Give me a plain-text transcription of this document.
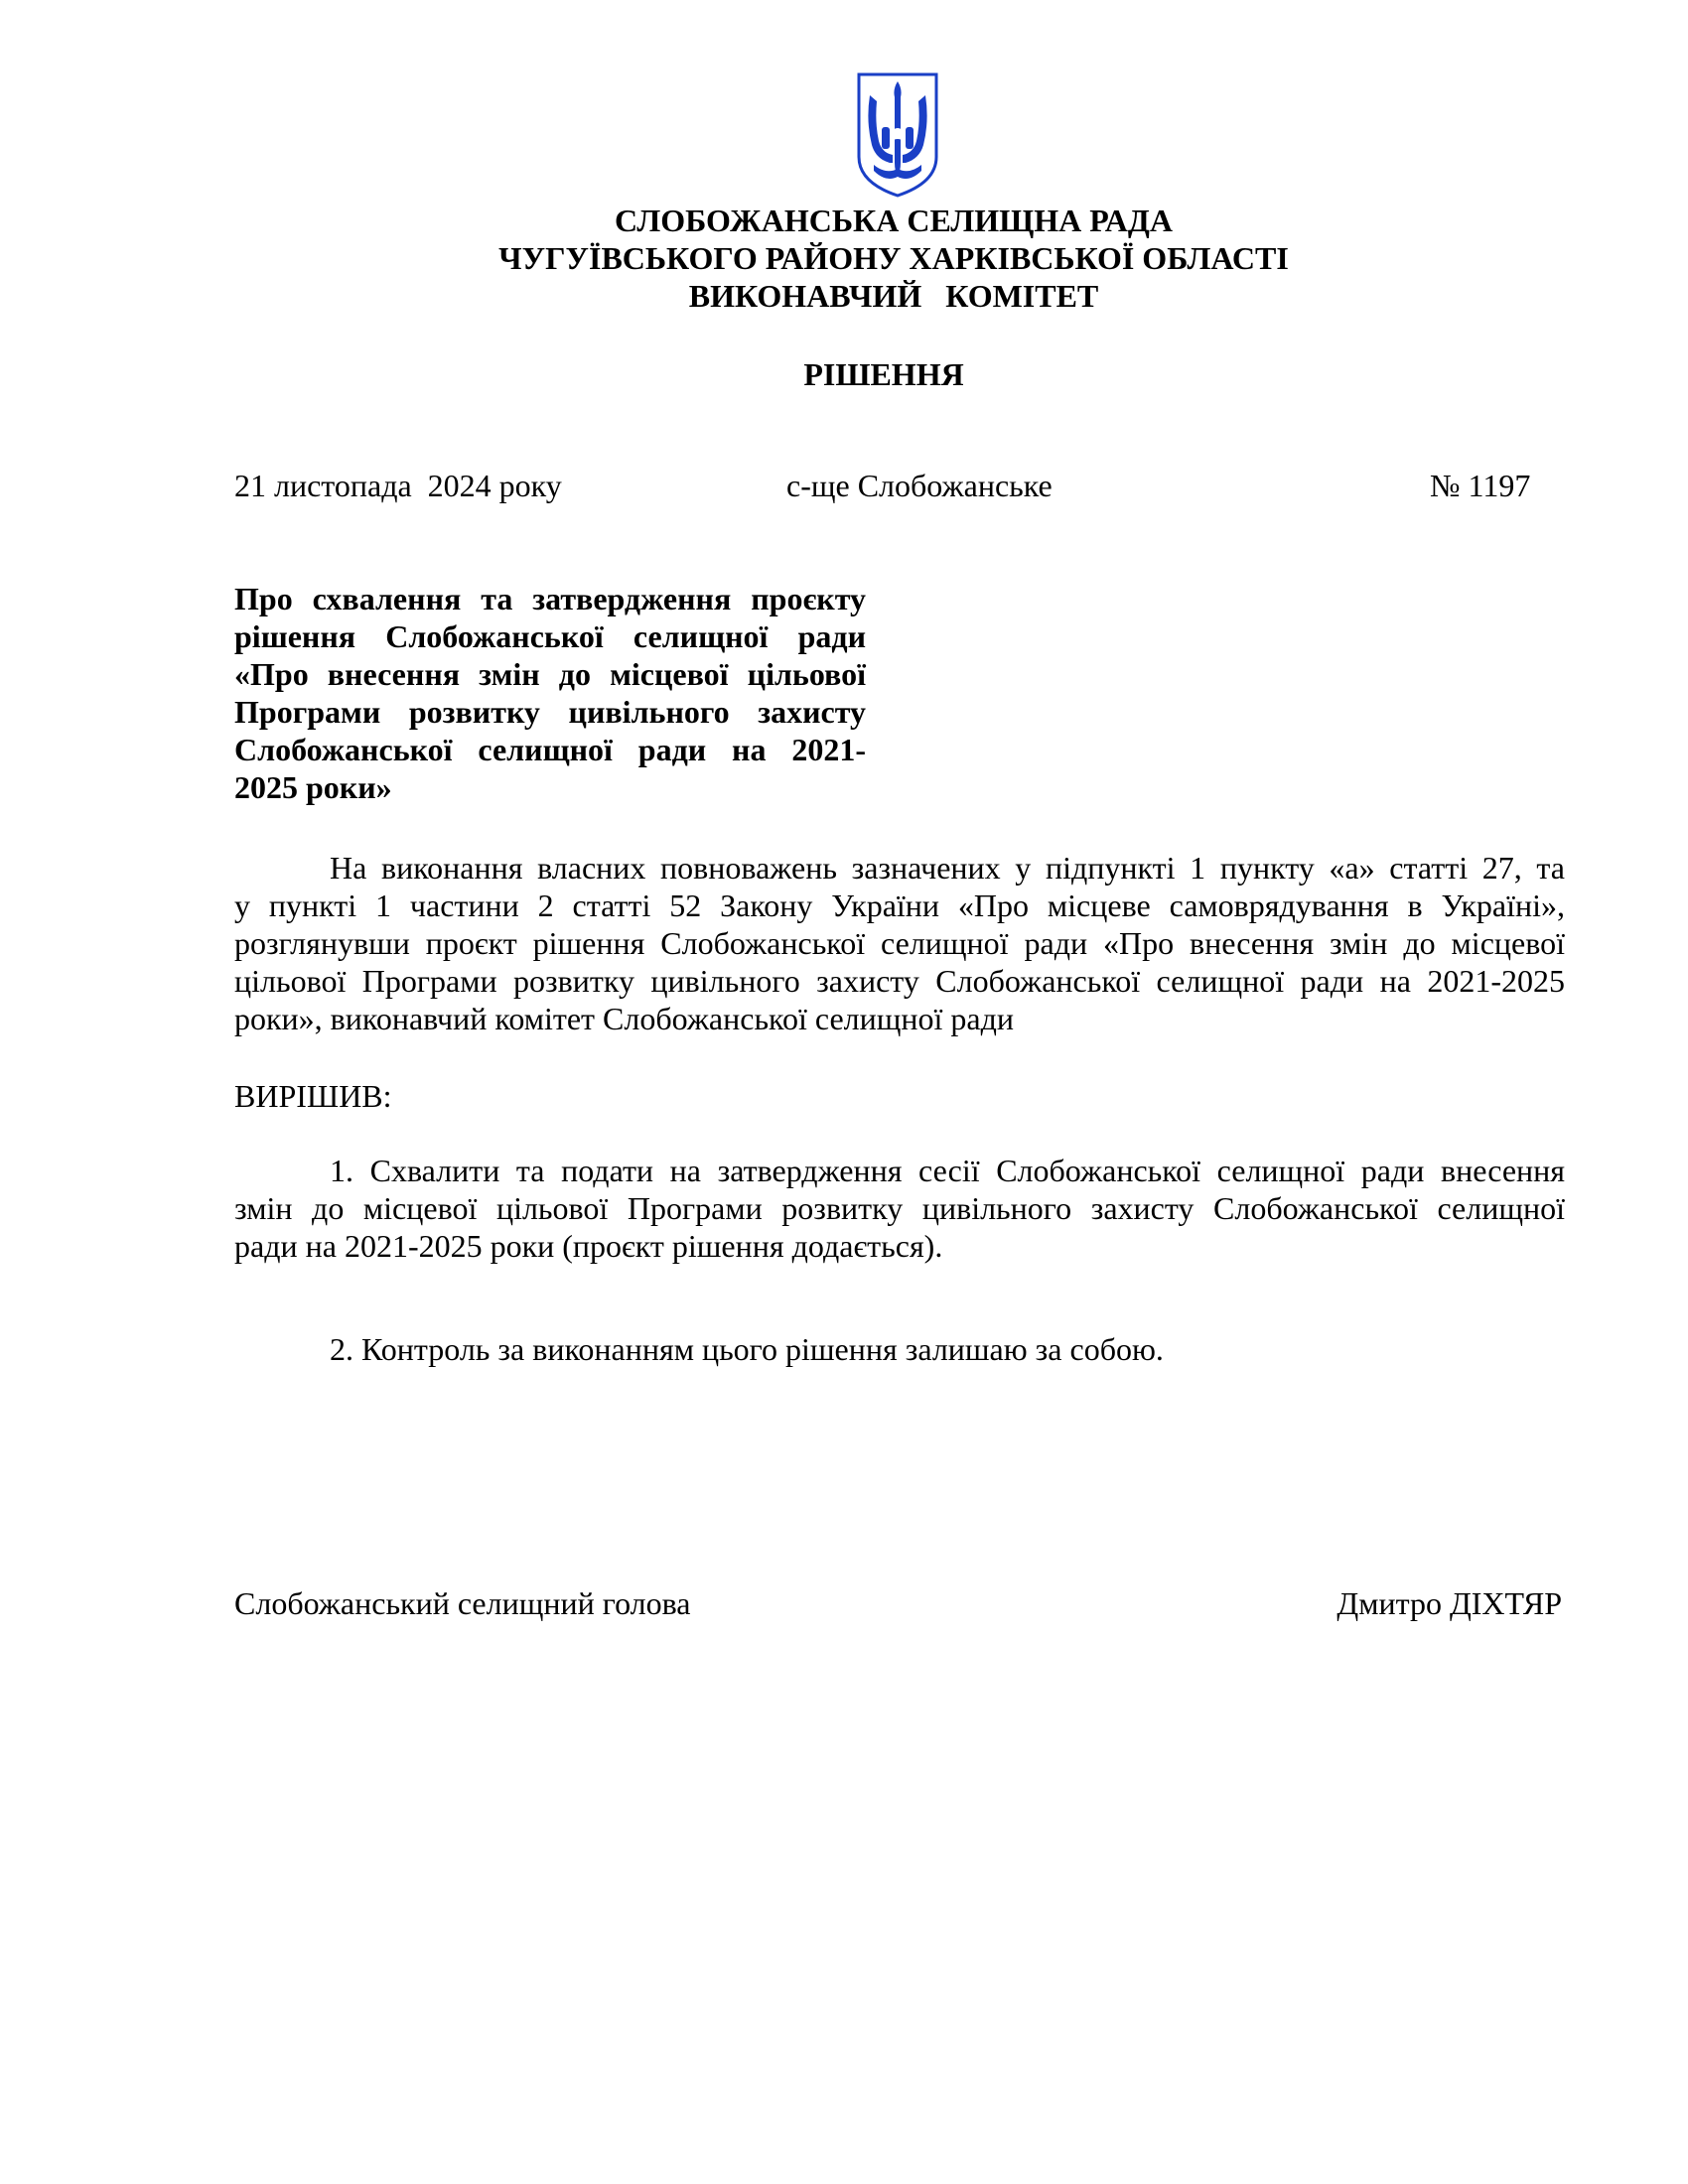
СЛОБОЖАНСЬКА СЕЛИЩНА РАДА
ЧУГУЇВСЬКОГО РАЙОНУ ХАРКІВСЬКОЇ ОБЛАСТІ
ВИКОНАВЧИЙ   КОМІТЕТ
РІШЕННЯ
21 листопада  2024 року	с-ще Слобожанське	№ 1197
Про схвалення та затвердження проєкту
рішення Слобожанської селищної ради
«Про внесення змін до місцевої цільової
Програми розвитку цивільного захисту
Слобожанської селищної ради на 2021-
2025 роки»
На виконання власних повноважень зазначених у підпункті 1 пункту «а» статті 27, та
у пункті 1 частини 2 статті 52 Закону України «Про місцеве самоврядування в Україні»,
розглянувши проєкт рішення Слобожанської селищної ради «Про внесення змін до місцевої
цільової Програми розвитку цивільного захисту Слобожанської селищної ради на 2021-2025
роки», виконавчий комітет Слобожанської селищної ради
ВИРІШИВ:
1. Схвалити та подати на затвердження сесії Слобожанської селищної ради внесення
змін до місцевої цільової Програми розвитку цивільного захисту Слобожанської селищної
ради на 2021-2025 роки (проєкт рішення додається).
2. Контроль за виконанням цього рішення залишаю за собою.
Слобожанський селищний голова	Дмитро ДІХТЯР
